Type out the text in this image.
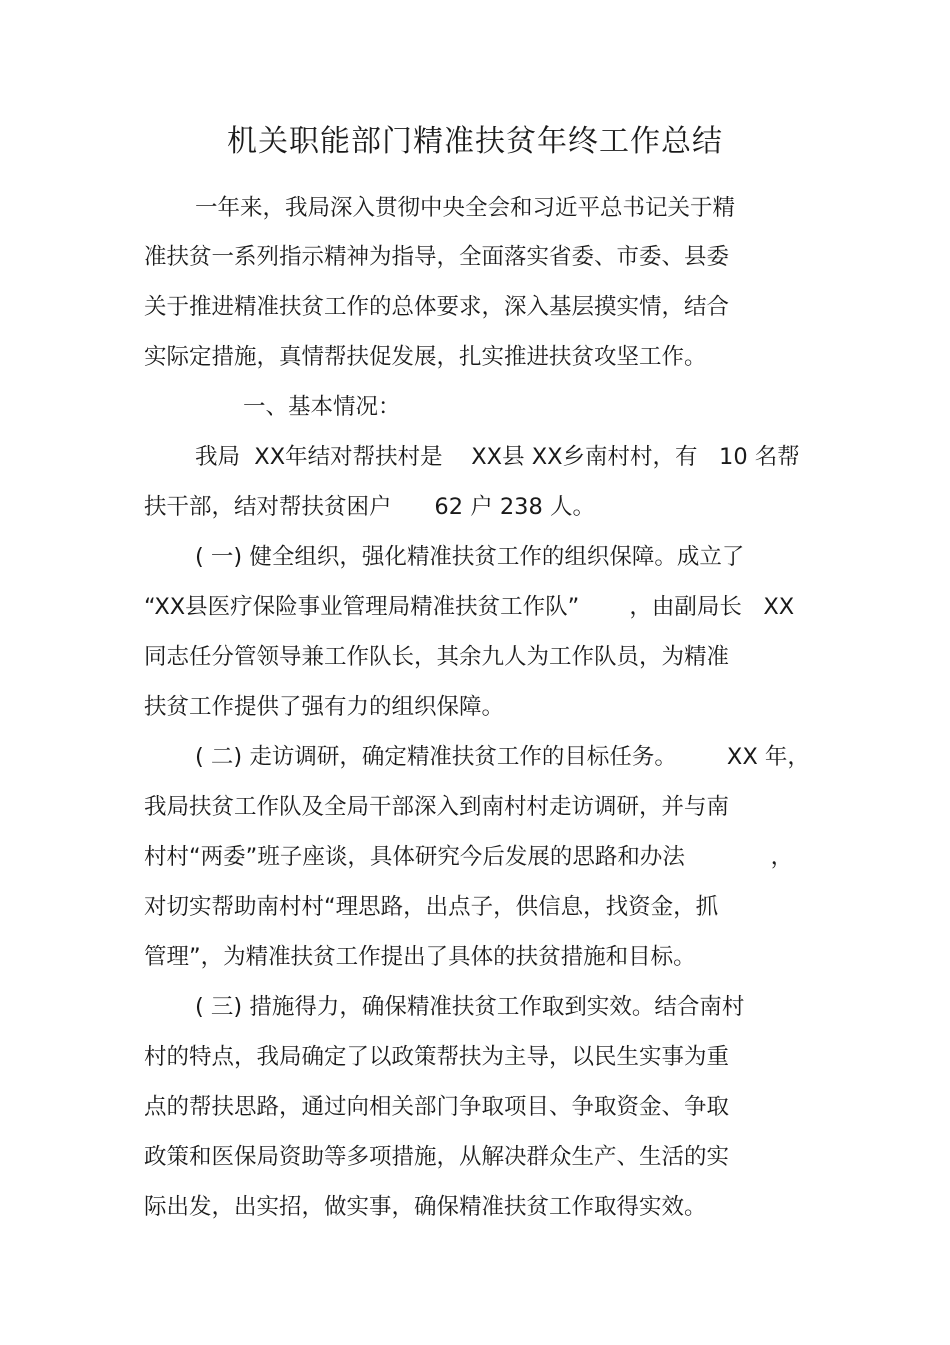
机关职能部门精准扶贫年终工作总结

一年来，我局深入贯彻中央全会和习近平总书记关于精

准扶贫一系列指示精神为指导，全面落实省委、市委、县委

关于推进精准扶贫工作的总体要求，深入基层摸实情，结合

实际定措施，真情帮扶促发展，扎实推进扶贫攻坚工作。

一、基本情况：

我局  XX年结对帮扶村是    XX县 XX乡南村村，有   10 名帮

扶干部，结对帮扶贫困户      62 户 238 人。

( 一) 健全组织，强化精准扶贫工作的组织保障。成立了

“XX县医疗保险事业管理局精准扶贫工作队”       ，由副局长   XX

同志任分管领导兼工作队长，其余九人为工作队员，为精准

扶贫工作提供了强有力的组织保障。

( 二) 走访调研，确定精准扶贫工作的目标任务。       XX 年，

我局扶贫工作队及全局干部深入到南村村走访调研，并与南

村村“两委”班子座谈，具体研究今后发展的思路和办法            ，

对切实帮助南村村“理思路，出点子，供信息，找资金，抓

管理”，为精准扶贫工作提出了具体的扶贫措施和目标。

( 三) 措施得力，确保精准扶贫工作取到实效。结合南村

村的特点，我局确定了以政策帮扶为主导，以民生实事为重

点的帮扶思路，通过向相关部门争取项目、争取资金、争取

政策和医保局资助等多项措施，从解决群众生产、生活的实

际出发，出实招，做实事，确保精准扶贫工作取得实效。
